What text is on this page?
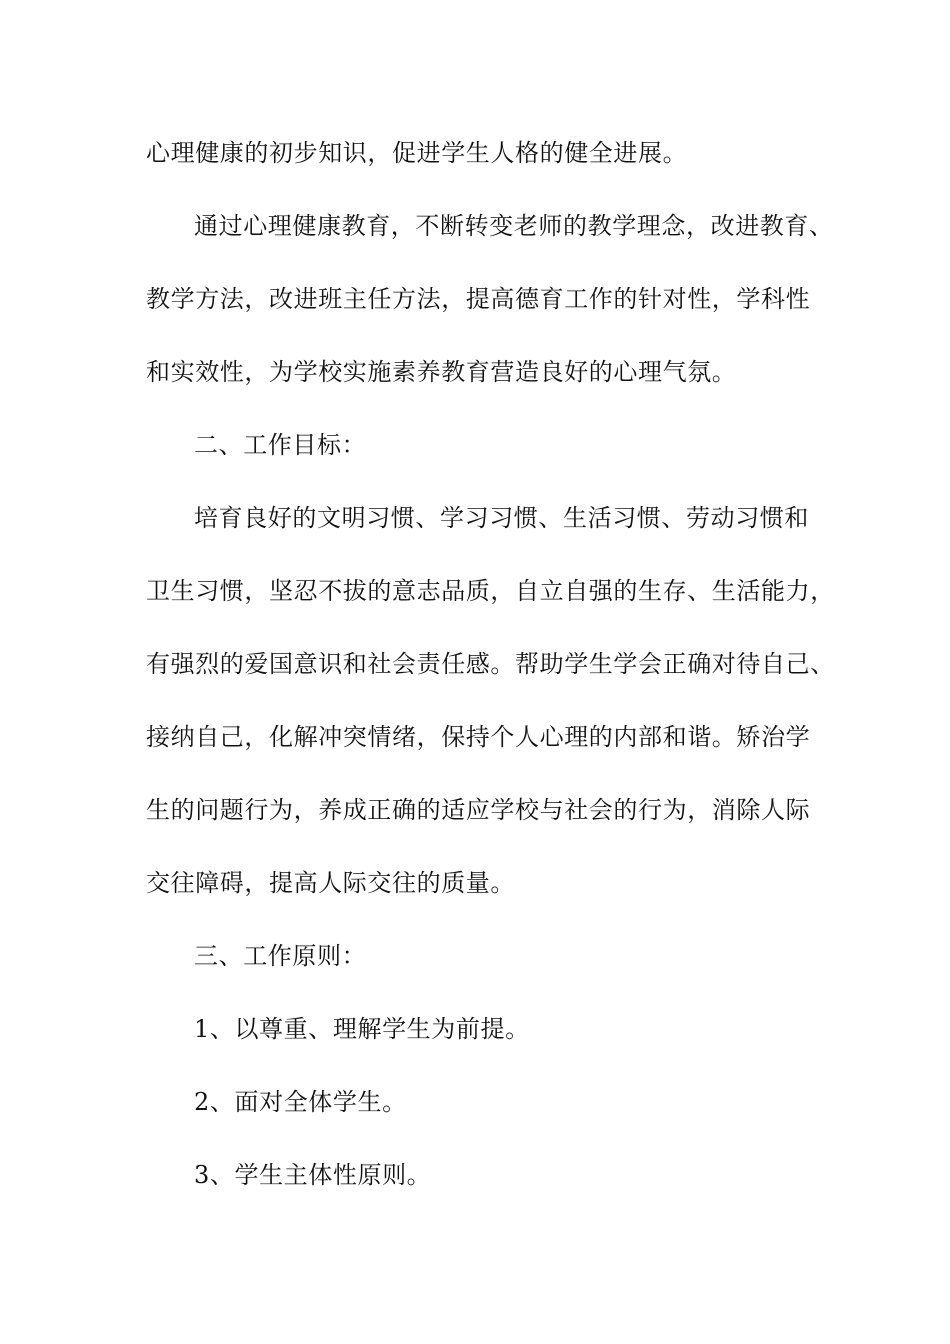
心理健康的初步知识，促进学生人格的健全进展。
通过心理健康教育，不断转变老师的教学理念，改进教育、
教学方法，改进班主任方法，提高德育工作的针对性，学科性
和实效性，为学校实施素养教育营造良好的心理气氛。
二、工作目标：
培育良好的文明习惯、学习习惯、生活习惯、劳动习惯和
卫生习惯，坚忍不拔的意志品质，自立自强的生存、生活能力，
有强烈的爱国意识和社会责任感。帮助学生学会正确对待自己、
接纳自己，化解冲突情绪，保持个人心理的内部和谐。矫治学
生的问题行为，养成正确的适应学校与社会的行为，消除人际
交往障碍，提高人际交往的质量。
三、工作原则：
1、以尊重、理解学生为前提。
2、面对全体学生。
3、学生主体性原则。
